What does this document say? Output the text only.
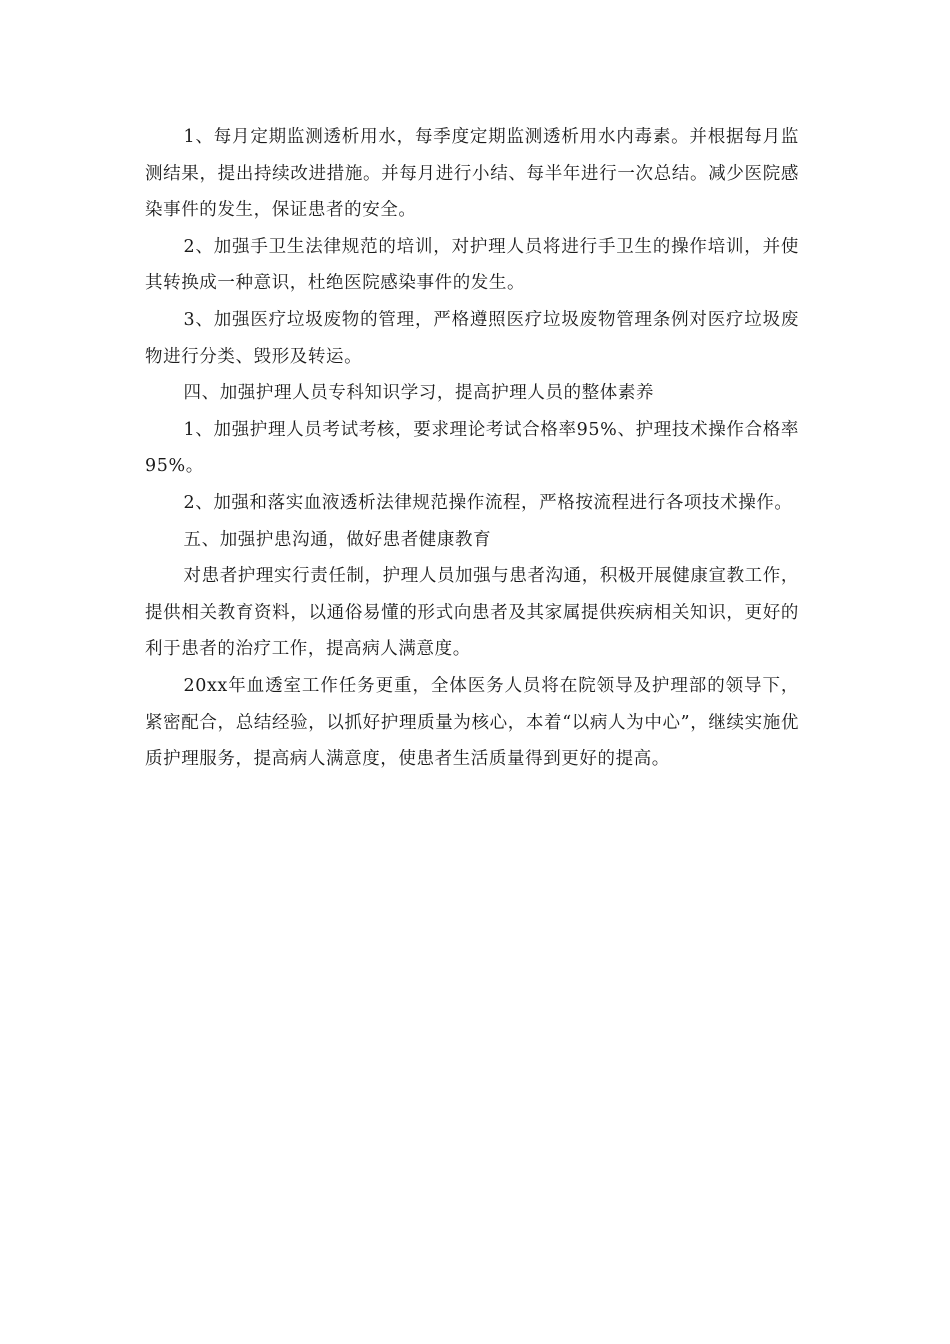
1、每月定期监测透析用水，每季度定期监测透析用水内毒素。并根据每月监测结果，提出持续改进措施。并每月进行小结、每半年进行一次总结。减少医院感染事件的发生，保证患者的安全。

2、加强手卫生法律规范的培训，对护理人员将进行手卫生的操作培训，并使其转换成一种意识，杜绝医院感染事件的发生。

3、加强医疗垃圾废物的管理，严格遵照医疗垃圾废物管理条例对医疗垃圾废物进行分类、毁形及转运。

四、加强护理人员专科知识学习，提高护理人员的整体素养

1、加强护理人员考试考核，要求理论考试合格率95%、护理技术操作合格率95%。

2、加强和落实血液透析法律规范操作流程，严格按流程进行各项技术操作。

五、加强护患沟通，做好患者健康教育

对患者护理实行责任制，护理人员加强与患者沟通，积极开展健康宣教工作，提供相关教育资料，以通俗易懂的形式向患者及其家属提供疾病相关知识，更好的利于患者的治疗工作，提高病人满意度。

20xx年血透室工作任务更重，全体医务人员将在院领导及护理部的领导下，紧密配合，总结经验，以抓好护理质量为核心，本着“以病人为中心”，继续实施优质护理服务，提高病人满意度，使患者生活质量得到更好的提高。
